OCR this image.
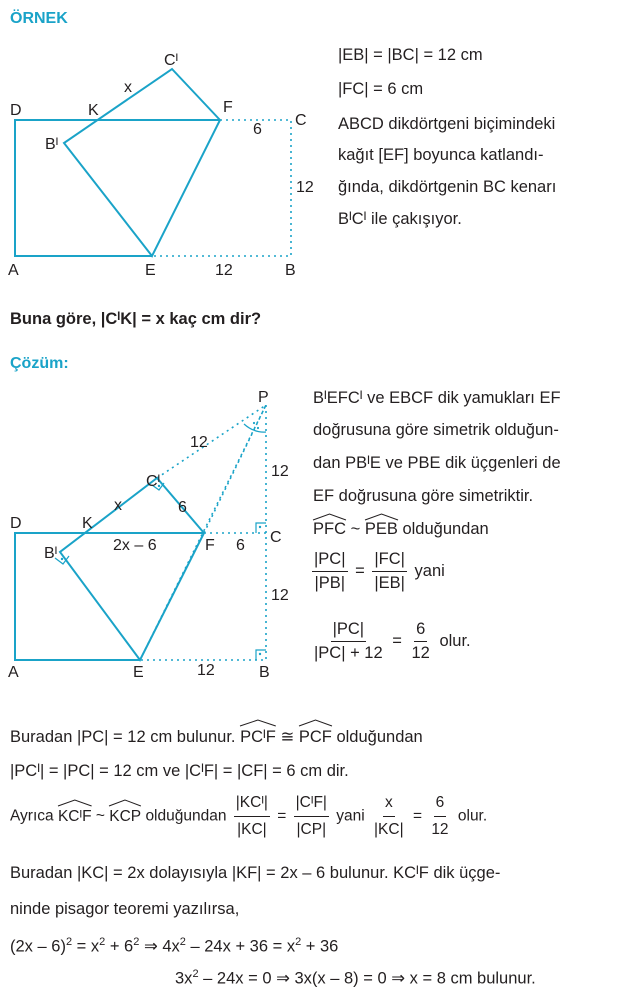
ÖRNEK
Cᴵ
x
D	K	F
6
C
Bᴵ
12
A	E	12	B
|EB| = |BC| = 12 cm
|FC| = 6 cm
ABCD dikdörtgeni biçimindeki
kağıt [EF] boyunca katlandı-
ğında, dikdörtgenin BC kenarı
BᴵCᴵ ile çakışıyor.
Buna göre, |CᴵK| = x kaç cm dir?
Çözüm:
P
12
12
Cᴵ
x	6
D	K
2x – 6	F 6 C
Bᴵ
12
A	E	12	B
BᴵEFCᴵ ve EBCF dik yamukları EF
doğrusuna göre simetrik olduğun-
dan PBᴵE ve PBE dik üçgenleri de
EF doğrusuna göre simetriktir.
PFC ~ PEB olduğundan
$\frac{|PC|}{|PB|} = \frac{|FC|}{|EB|}$ yani
$\frac{|PC|}{|PC| + 12} = \frac{6}{12}$ olur.
Buradan |PC| = 12 cm bulunur. PCᴵF ≅ PCF olduğundan
|PCᴵ| = |PC| = 12 cm ve |CᴵF| = |CF| = 6 cm dir.
Ayrıca KCᴵF ~ KCP olduğundan $\frac{\text{|KCᴵ|}}{|KC|} = \frac{\text{|CᴵF|}}{|CP|}$ yani $\frac{x}{|KC|} = \frac{6}{12}$ olur.
Buradan |KC| = 2x dolayısıyla |KF| = 2x – 6 bulunur. KCᴵF dik üçge-
ninde pisagor teoremi yazılırsa,
$(2x - 6)^2 = x^2 + 6^2$ ⇒ $4x^2 - 24x + 36 = x^2 + 36$
$3x^2 - 24x = 0$ ⇒ 3x(x – 8) = 0 ⇒ x = 8 cm bulunur.
